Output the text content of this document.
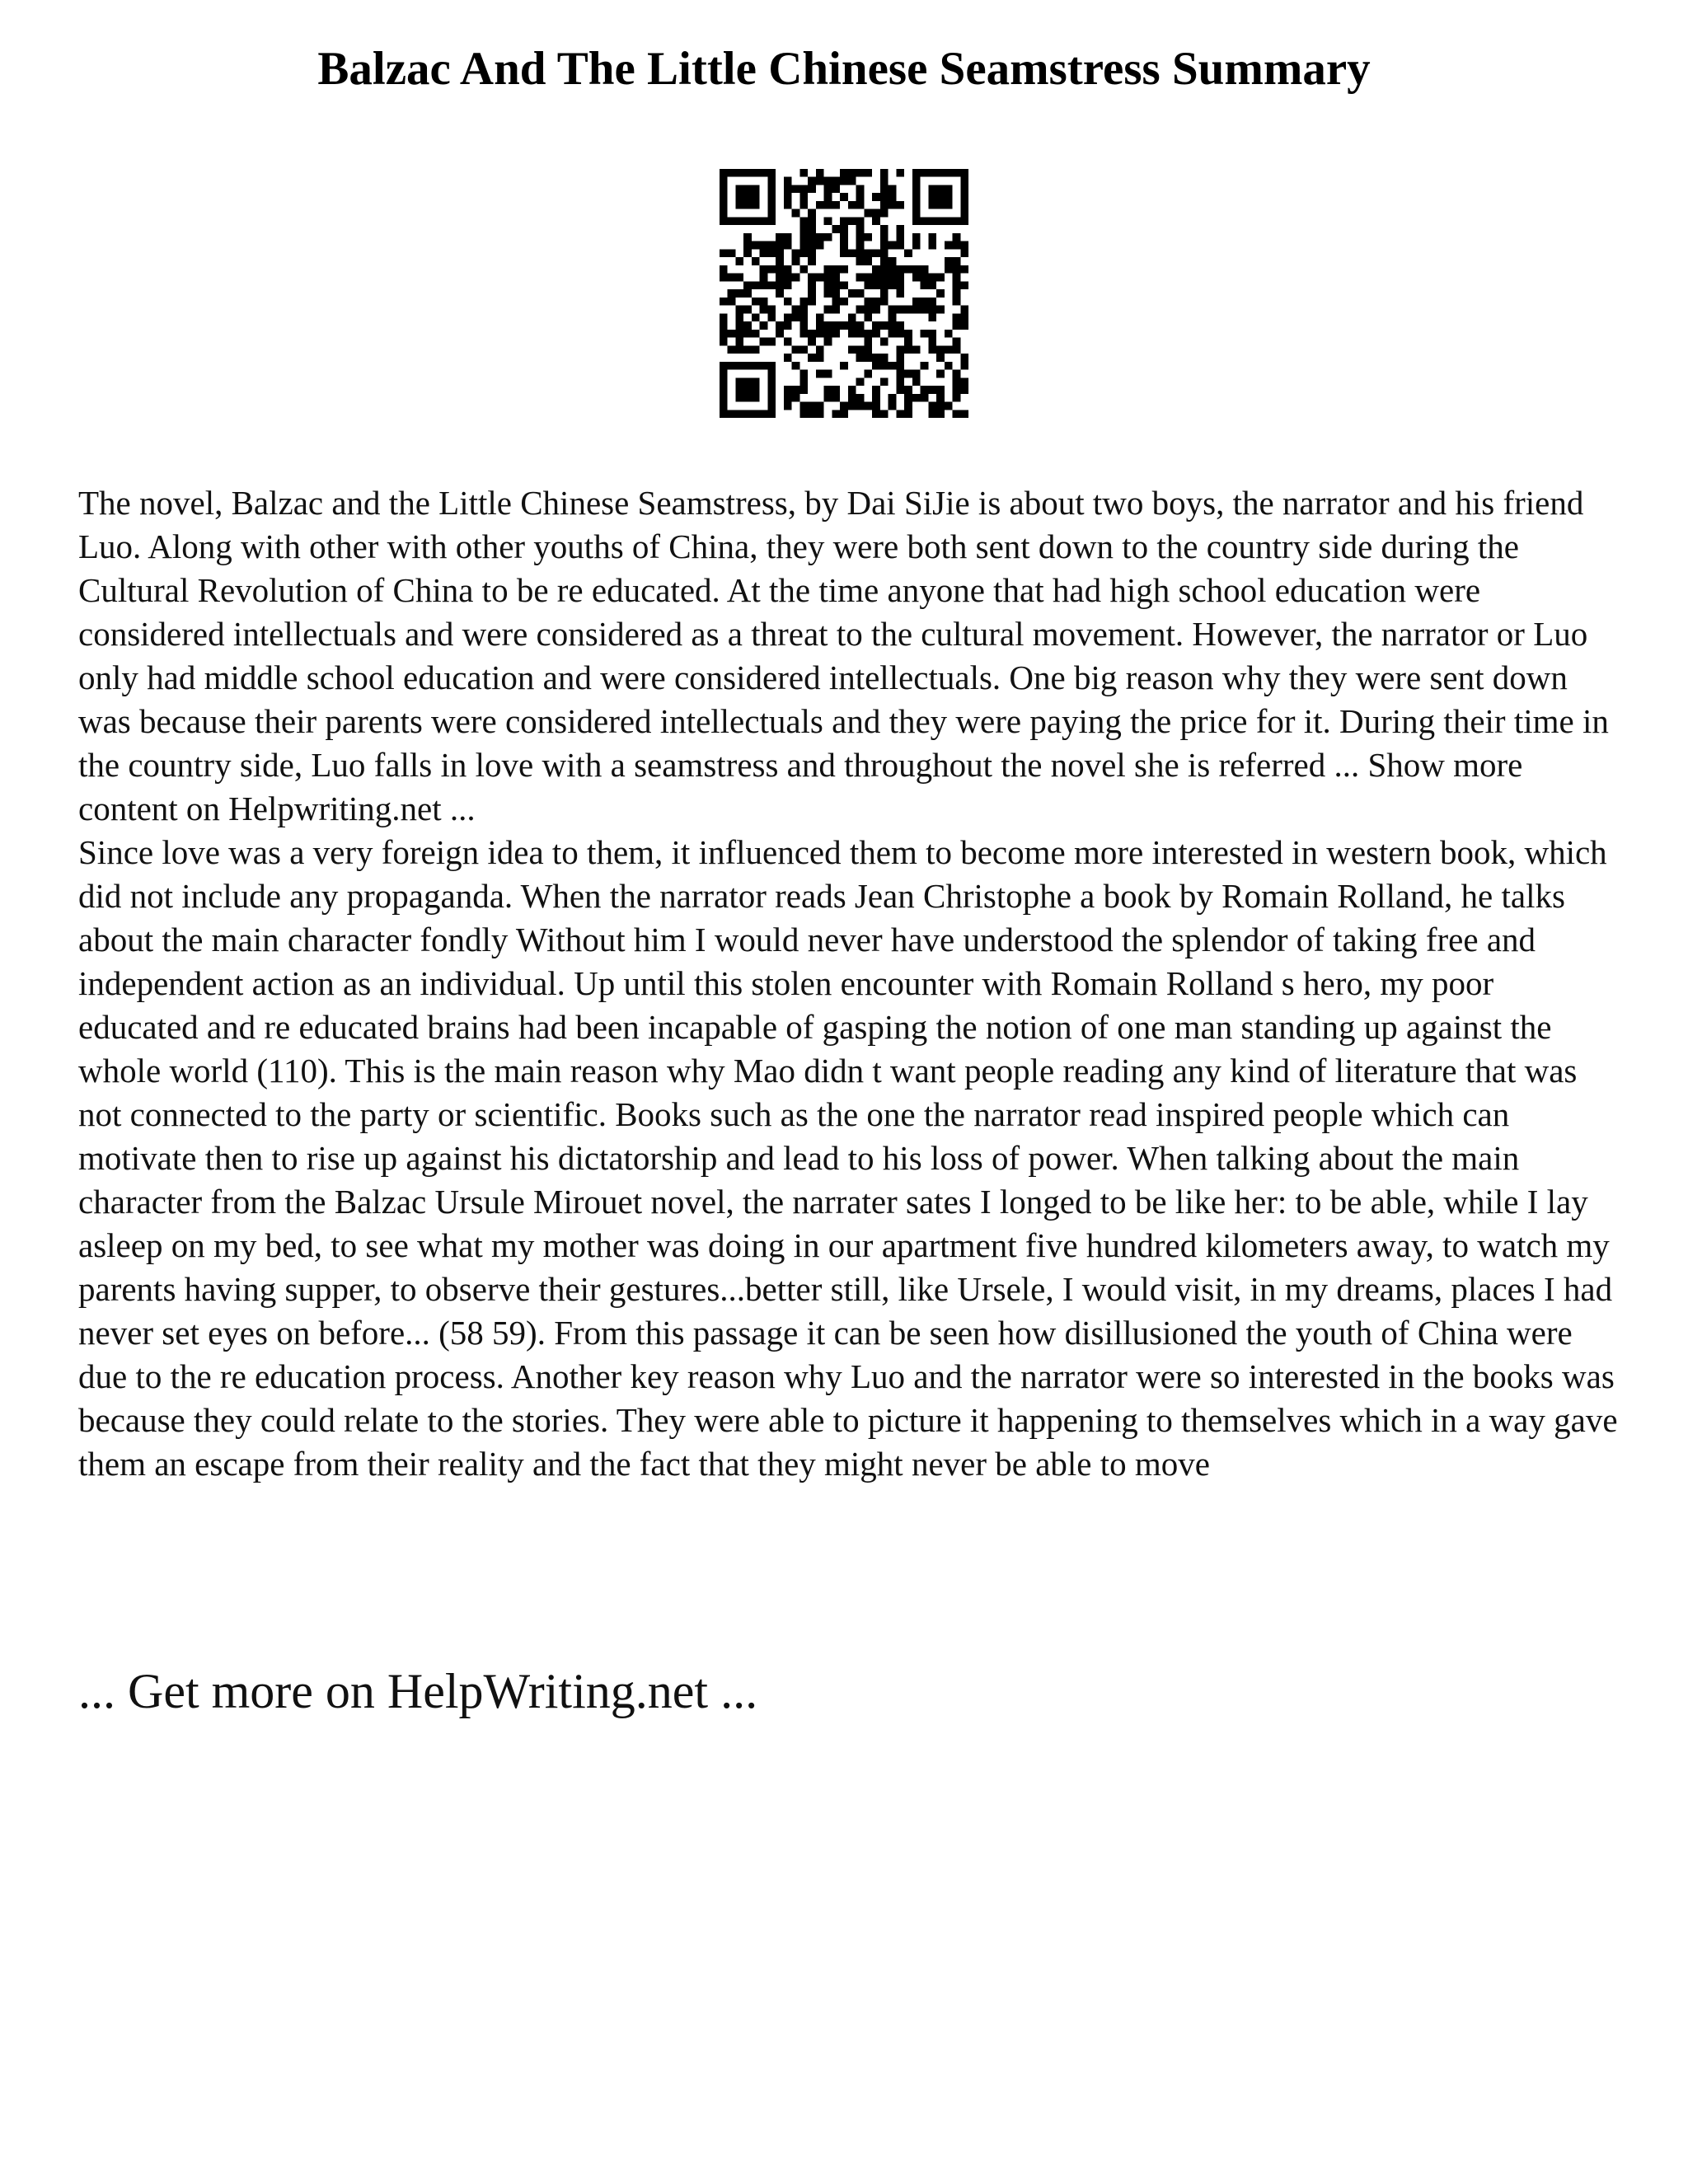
Balzac And The Little Chinese Seamstress Summary

The novel, Balzac and the Little Chinese Seamstress, by Dai SiJie is about two boys, the narrator and his friend Luo. Along with other with other youths of China, they were both sent down to the country side during the Cultural Revolution of China to be re educated. At the time anyone that had high school education were considered intellectuals and were considered as a threat to the cultural movement. However, the narrator or Luo only had middle school education and were considered intellectuals. One big reason why they were sent down was because their parents were considered intellectuals and they were paying the price for it. During their time in the country side, Luo falls in love with a seamstress and throughout the novel she is referred ... Show more content on Helpwriting.net ...

Since love was a very foreign idea to them, it influenced them to become more interested in western book, which did not include any propaganda. When the narrator reads Jean Christophe a book by Romain Rolland, he talks about the main character fondly Without him I would never have understood the splendor of taking free and independent action as an individual. Up until this stolen encounter with Romain Rolland s hero, my poor educated and re educated brains had been incapable of gasping the notion of one man standing up against the whole world (110). This is the main reason why Mao didn t want people reading any kind of literature that was not connected to the party or scientific. Books such as the one the narrator read inspired people which can motivate then to rise up against his dictatorship and lead to his loss of power. When talking about the main character from the Balzac Ursule Mirouet novel, the narrater sates I longed to be like her: to be able, while I lay asleep on my bed, to see what my mother was doing in our apartment five hundred kilometers away, to watch my parents having supper, to observe their gestures...better still, like Ursele, I would visit, in my dreams, places I had never set eyes on before... (58 59). From this passage it can be seen how disillusioned the youth of China were due to the re education process. Another key reason why Luo and the narrator were so interested in the books was because they could relate to the stories. They were able to picture it happening to themselves which in a way gave them an escape from their reality and the fact that they might never be able to move

... Get more on HelpWriting.net ...
